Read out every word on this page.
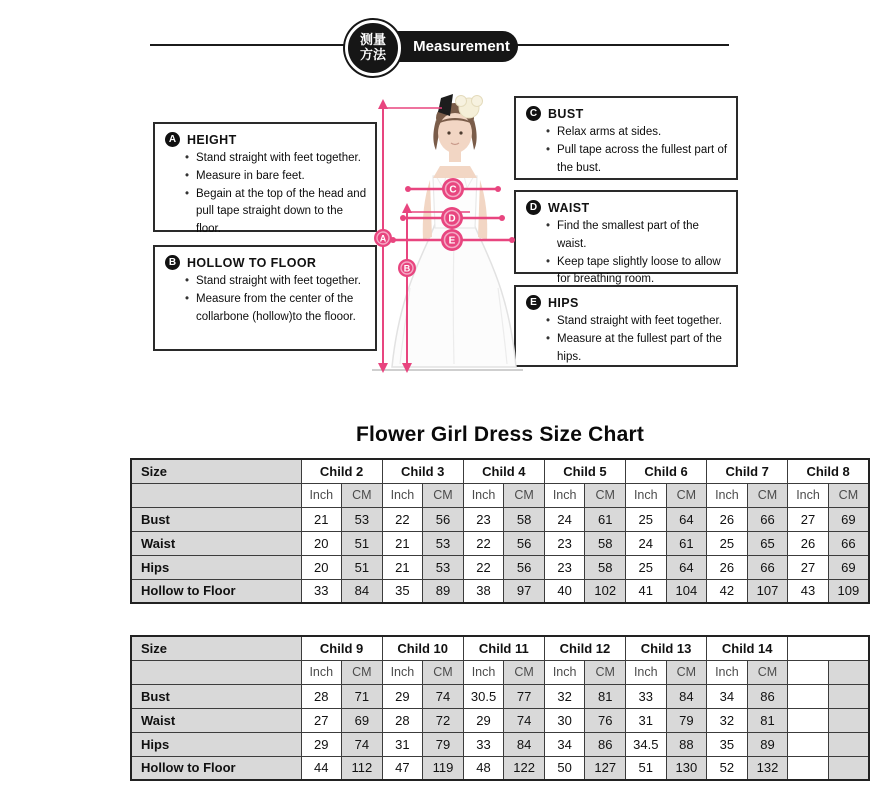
Measurement
测量
方法
A HEIGHT
• Stand straight with feet together.
• Measure in bare feet.
• Begain at the top of the head and pull tape straight down to the floor.
B HOLLOW TO FLOOR
• Stand straight with feet together.
• Measure from the center of the collarbone (hollow)to the flooor.
C BUST
• Relax arms at sides.
• Pull tape across the fullest part of the bust.
D WAIST
• Find the smallest part of the waist.
• Keep tape slightly loose to allow for breathing room.
E HIPS
• Stand straight with feet together.
• Measure at the fullest part of the hips.
A
B
C
D
E
Flower Girl Dress Size Chart
Size	Child 2		Child 3		Child 4		Child 5		Child 6		Child 7		Child 8	
	Inch	CM	Inch	CM	Inch	CM	Inch	CM	Inch	CM	Inch	CM	Inch	CM
Bust	21	53	22	56	23	58	24	61	25	64	26	66	27	69
Waist	20	51	21	53	22	56	23	58	24	61	25	65	26	66
Hips	20	51	21	53	22	56	23	58	25	64	26	66	27	69
Hollow to Floor	33	84	35	89	38	97	40	102	41	104	42	107	43	109
Size	Child 9		Child 10		Child 11		Child 12		Child 13		Child 14			
	Inch	CM	Inch	CM	Inch	CM	Inch	CM	Inch	CM	Inch	CM		
Bust	28	71	29	74	30.5	77	32	81	33	84	34	86		
Waist	27	69	28	72	29	74	30	76	31	79	32	81		
Hips	29	74	31	79	33	84	34	86	34.5	88	35	89		
Hollow to Floor	44	112	47	119	48	122	50	127	51	130	52	132		
